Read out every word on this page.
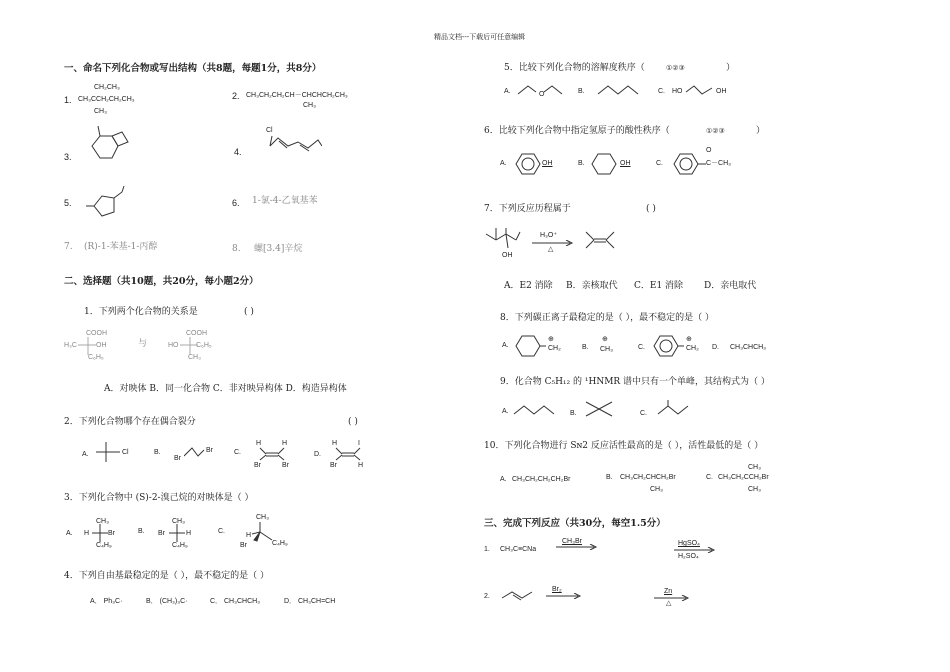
精品文档---下载后可任意编辑
一、命名下列化合物或写出结构（共8题，每题1分，共8分）
1.
CH₂CH₃
CH₃CCH₂CH₂CH₃
CH₃
2. CH₃CH₂CH₂CH－CHCHCH₂CH₃
CH₃
3.	4.
Cl
5.	6. 1-氯-4-乙氧基苯
7. (R)-1-苯基-1-丙醇	8. 螺[3.4]辛烷
二、选择题（共10题，共20分，每小题2分）
1．下列两个化合物的关系是	( )
COOH
H₃C	OH
C₆H₅
与
COOH
HO	C₆H₅
CH₃
A．对映体 B．同一化合物 C．非对映异构体 D．构造异构体
2．下列化合物哪个存在偶合裂分	( )
A.	Cl	B.
Br
Br	C.
H	H
Br	Br
D.
H	I
Br	H
3．下列化合物中 (S)-2-溴己烷的对映体是（ ）
A.
CH₃
H	Br
C₄H₉
B.
CH₃
Br	H
C₄H₉
C.
CH₃
H
Br	C₄H₉
4．下列自由基最稳定的是（ ），最不稳定的是（ ）
A． Ph₃C·	B． (CH₃)₃C·	C． CH₃CHCH₃	D． CH₃CH=CH
5．比较下列化合物的溶解度秩序（	①②③	）
A.	O	B.	C. HO	OH
6．比较下列化合物中指定氢原子的酸性秩序（	①②③	）
A.	OH	B.	OH	C.
O
C－CH₃
7．下列反应历程属于	( )
OH
H₃O⁺
△
A．E2 消除 B．亲核取代 C．E1 消除 D．亲电取代
8．下列碳正离子最稳定的是（ ），最不稳定的是（ ）
A.
⊕
CH₂	B.
⊕
CH₃	C.
⊕
CH₂ D. CH₃CHCH₃
9．化合物 C₅H₁₂ 的 ¹HNMR 谱中只有一个单峰，其结构式为（ ）
A.	B.	C.
10．下列化合物进行 Sɴ2 反应活性最高的是（ ），活性最低的是（ ）
A. CH₃CH₂CH₂CH₂Br	B. CH₃CH₂CHCH₂Br
CH₃
C.
CH₃
CH₃CH₂CCH₂Br
CH₃
三、完成下列反应（共30分，每空1.5分）
1. CH₃C≡CNa
CH₃Br	HgSO₄
H₂SO₄
2.
Br₂	Zn
△
